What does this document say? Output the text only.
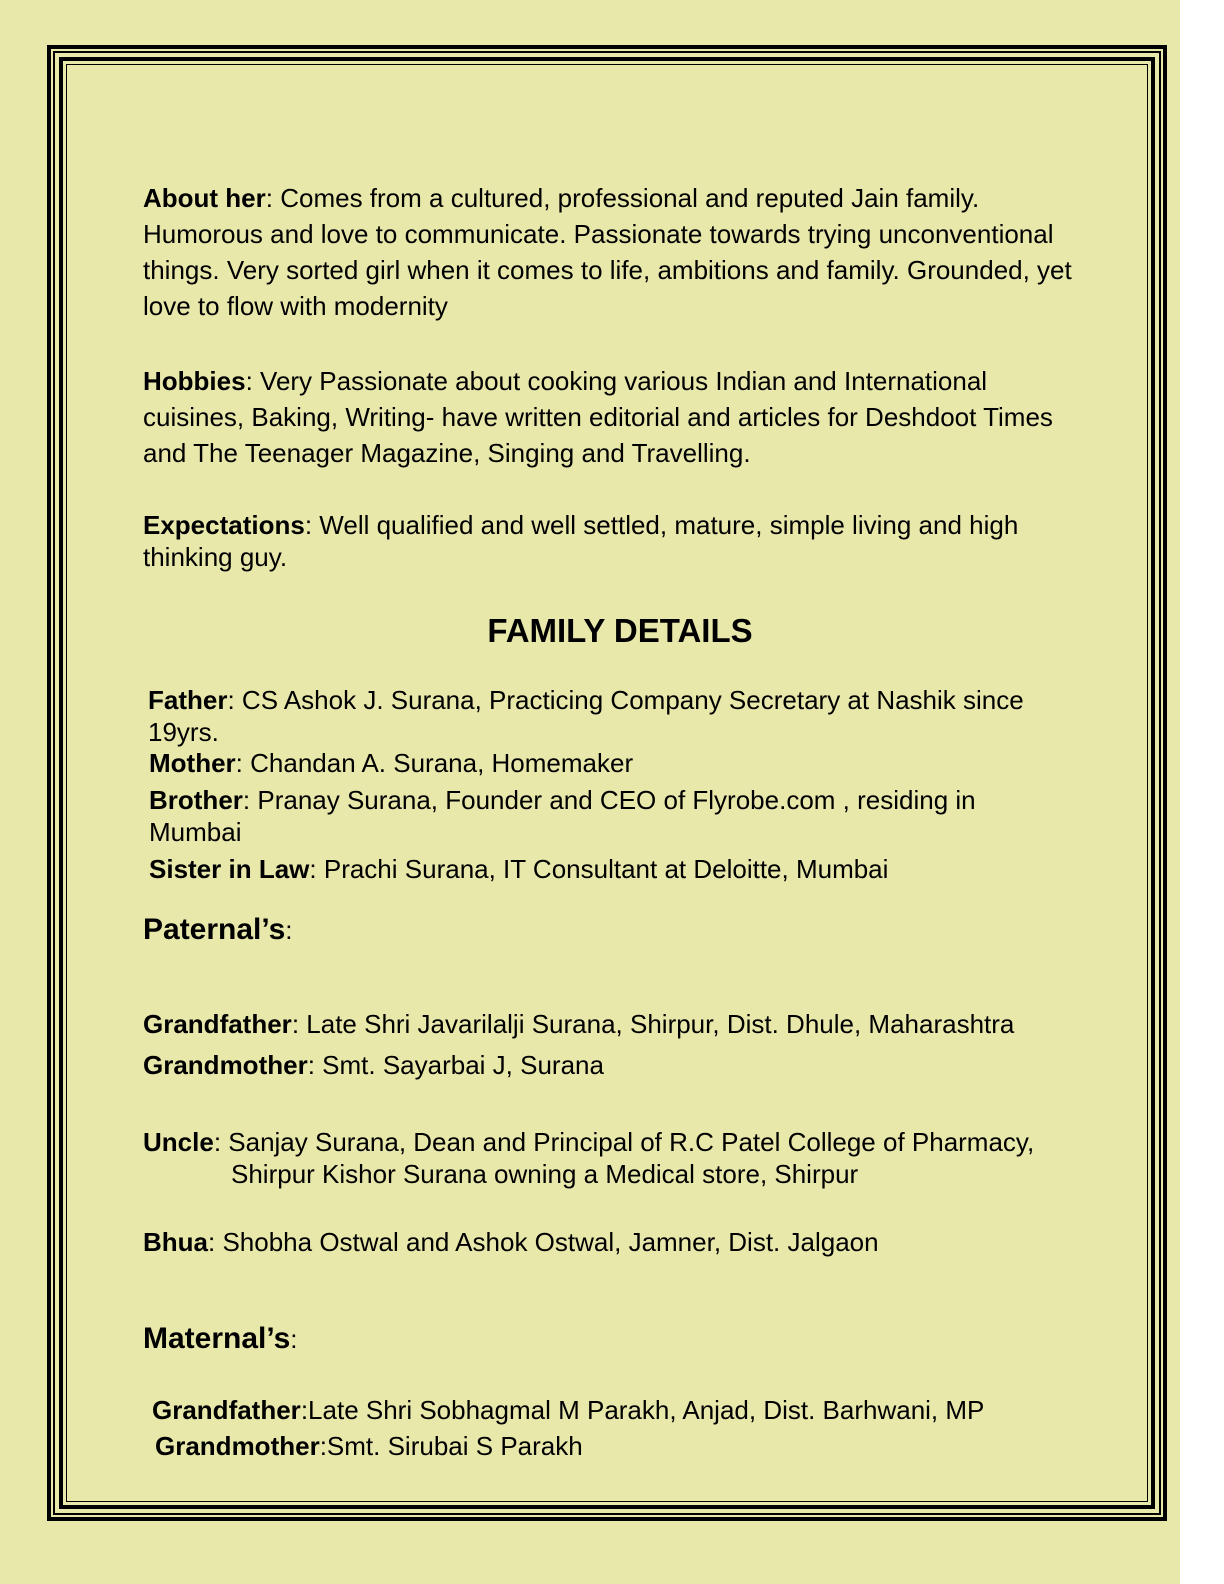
About her: Comes from a cultured, professional and reputed Jain family. Humorous and love to communicate. Passionate towards trying unconventional things. Very sorted girl when it comes to life, ambitions and family. Grounded, yet love to flow with modernity

Hobbies: Very Passionate about cooking various Indian and International cuisines, Baking, Writing- have written editorial and articles for Deshdoot Times and The Teenager Magazine, Singing and Travelling.

Expectations: Well qualified and well settled, mature, simple living and high thinking guy.

FAMILY DETAILS

Father: CS Ashok J. Surana, Practicing Company Secretary at Nashik since 19yrs.

Mother: Chandan A. Surana, Homemaker

Brother: Pranay Surana, Founder and CEO of Flyrobe.com , residing in Mumbai

Sister in Law: Prachi Surana, IT Consultant at Deloitte, Mumbai

Paternal’s:

Grandfather: Late Shri Javarilalji Surana, Shirpur, Dist. Dhule, Maharashtra

Grandmother: Smt. Sayarbai J, Surana

Uncle: Sanjay Surana, Dean and Principal of R.C Patel College of Pharmacy,

Shirpur Kishor Surana owning a Medical store, Shirpur

Bhua: Shobha Ostwal and Ashok Ostwal, Jamner, Dist. Jalgaon

Maternal’s:

Grandfather:Late Shri Sobhagmal M Parakh, Anjad, Dist. Barhwani, MP

Grandmother:Smt. Sirubai S Parakh
